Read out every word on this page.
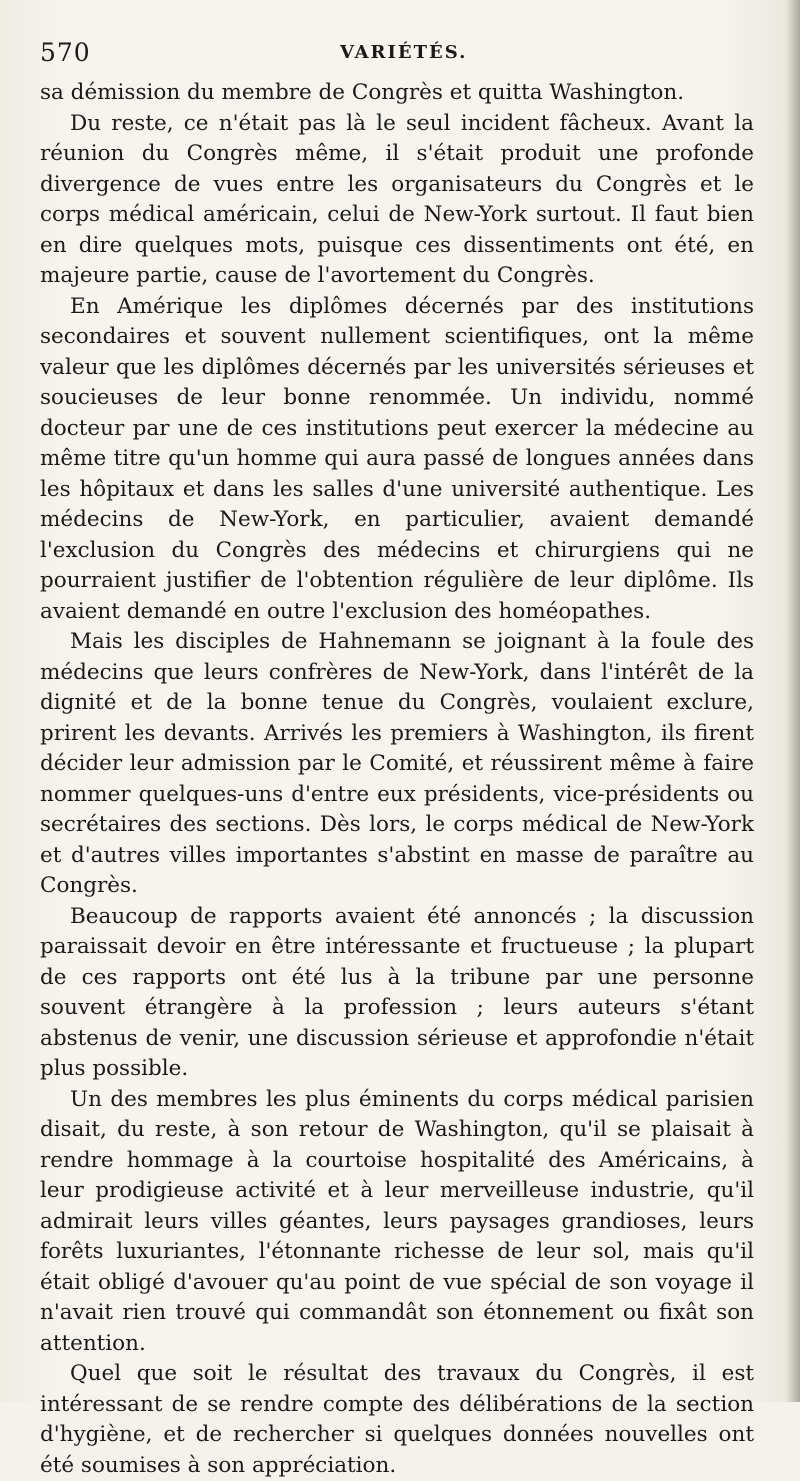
570	VARIÉTÉS.

sa démission du membre de Congrès et quitta Washington.

Du reste, ce n'était pas là le seul incident fâcheux. Avant la réunion du Congrès même, il s'était produit une profonde divergence de vues entre les organisateurs du Congrès et le corps médical américain, celui de New-York surtout. Il faut bien en dire quelques mots, puisque ces dissentiments ont été, en majeure partie, cause de l'avortement du Congrès.

En Amérique les diplômes décernés par des institutions secondaires et souvent nullement scientifiques, ont la même valeur que les diplômes décernés par les universités sérieuses et soucieuses de leur bonne renommée. Un individu, nommé docteur par une de ces institutions peut exercer la médecine au même titre qu'un homme qui aura passé de longues années dans les hôpitaux et dans les salles d'une université authentique. Les médecins de New-York, en particulier, avaient demandé l'exclusion du Congrès des médecins et chirurgiens qui ne pourraient justifier de l'obtention régulière de leur diplôme. Ils avaient demandé en outre l'exclusion des homéopathes.

Mais les disciples de Hahnemann se joignant à la foule des médecins que leurs confrères de New-York, dans l'intérêt de la dignité et de la bonne tenue du Congrès, voulaient exclure, prirent les devants. Arrivés les premiers à Washington, ils firent décider leur admission par le Comité, et réussirent même à faire nommer quelques-uns d'entre eux présidents, vice-présidents ou secrétaires des sections. Dès lors, le corps médical de New-York et d'autres villes importantes s'abstint en masse de paraître au Congrès.

Beaucoup de rapports avaient été annoncés ; la discussion paraissait devoir en être intéressante et fructueuse ; la plupart de ces rapports ont été lus à la tribune par une personne souvent étrangère à la profession ; leurs auteurs s'étant abstenus de venir, une discussion sérieuse et approfondie n'était plus possible.

Un des membres les plus éminents du corps médical parisien disait, du reste, à son retour de Washington, qu'il se plaisait à rendre hommage à la courtoise hospitalité des Américains, à leur prodigieuse activité et à leur merveilleuse industrie, qu'il admirait leurs villes géantes, leurs paysages grandioses, leurs forêts luxuriantes, l'étonnante richesse de leur sol, mais qu'il était obligé d'avouer qu'au point de vue spécial de son voyage il n'avait rien trouvé qui commandât son étonnement ou fixât son attention.

Quel que soit le résultat des travaux du Congrès, il est intéressant de se rendre compte des délibérations de la section d'hygiène, et de rechercher si quelques données nouvelles ont été soumises à son appréciation.
